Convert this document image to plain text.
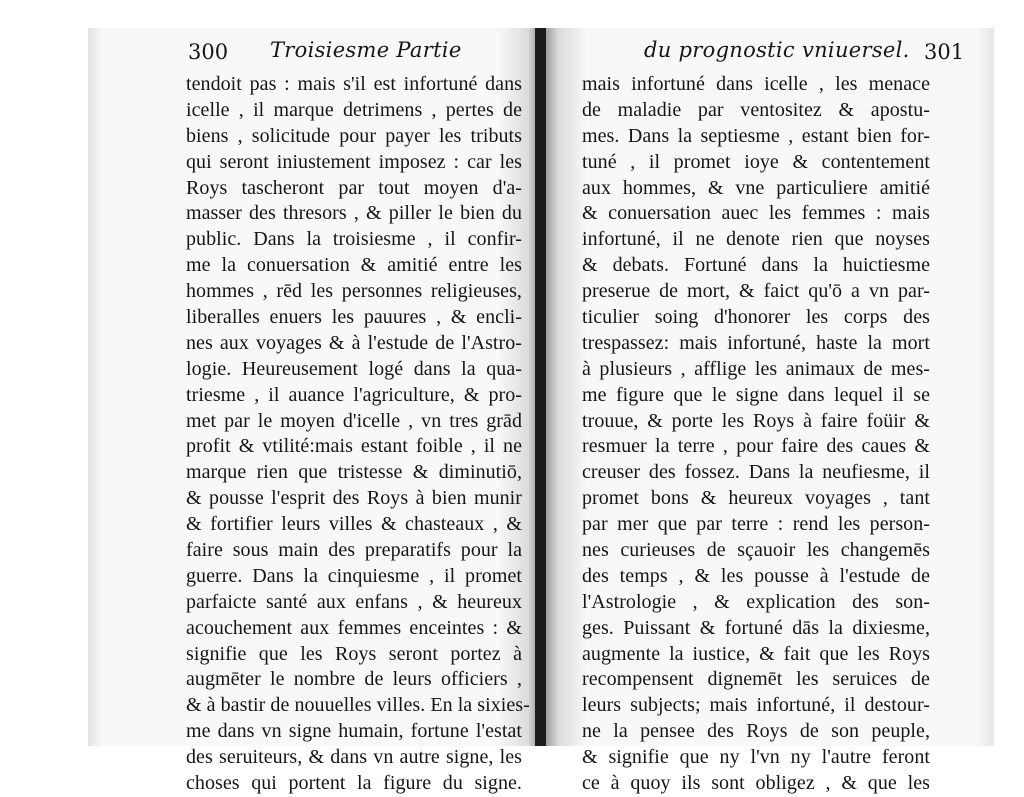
300 Troisiesme Partie
tendoit pas : mais s'il est infortuné dans
icelle , il marque detrimens , pertes de
biens , solicitude pour payer les tributs
qui seront iniustement imposez : car les
Roys tascheront par tout moyen d'a-
masser des thresors , & piller le bien du
public. Dans la troisiesme , il confir-
me la conuersation & amitié entre les
hommes , rēd les personnes religieuses,
liberalles enuers les pauures , & encli-
nes aux voyages & à l'estude de l'Astro-
logie. Heureusement logé dans la qua-
triesme , il auance l'agriculture, & pro-
met par le moyen d'icelle , vn tres grād
profit & vtilité:mais estant foible , il ne
marque rien que tristesse & diminutiō,
& pousse l'esprit des Roys à bien munir
& fortifier leurs villes & chasteaux , &
faire sous main des preparatifs pour la
guerre. Dans la cinquiesme , il promet
parfaicte santé aux enfans , & heureux
acouchement aux femmes enceintes : &
signifie que les Roys seront portez à
augmēter le nombre de leurs officiers ,
& à bastir de nouuelles villes. En la sixies-
me dans vn signe humain, fortune l'estat
des seruiteurs, & dans vn autre signe, les
choses qui portent la figure du signe.
du prognostic vniuersel. 301
mais infortuné dans icelle , les menace
de maladie par ventositez & apostu-
mes. Dans la septiesme , estant bien for-
tuné , il promet ioye & contentement
aux hommes, & vne particuliere amitié
& conuersation auec les femmes : mais
infortuné, il ne denote rien que noyses
& debats. Fortuné dans la huictiesme
preserue de mort, & faict qu'ō a vn par-
ticulier soing d'honorer les corps des
trespassez: mais infortuné, haste la mort
à plusieurs , afflige les animaux de mes-
me figure que le signe dans lequel il se
trouue, & porte les Roys à faire foüir &
resmuer la terre , pour faire des caues &
creuser des fossez. Dans la neufiesme, il
promet bons & heureux voyages , tant
par mer que par terre : rend les person-
nes curieuses de sçauoir les changemēs
des temps , & les pousse à l'estude de
l'Astrologie , & explication des son-
ges. Puissant & fortuné dās la dixiesme,
augmente la iustice, & fait que les Roys
recompensent dignemēt les seruices de
leurs subjects; mais infortuné, il destour-
ne la pensee des Roys de son peuple,
& signifie que ny l'vn ny l'autre feront
ce à quoy ils sont obligez , & que les
